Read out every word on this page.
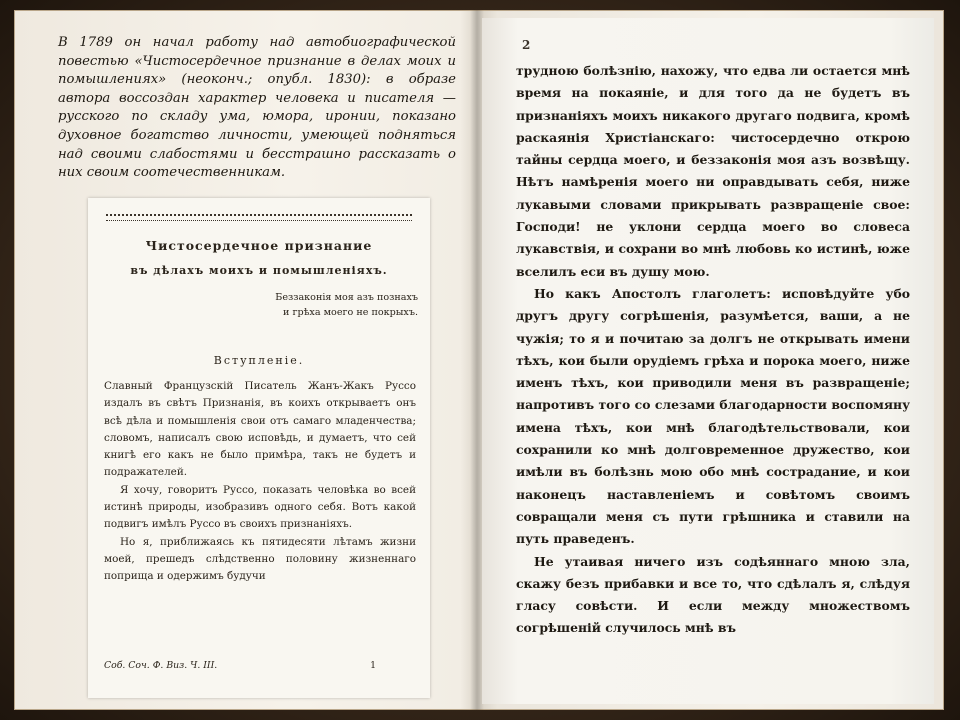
В 1789 он начал работу над автобиографической повестью «Чистосердечное признание в делах моих и помышлениях» (неоконч.; опубл. 1830): в образе автора воссоздан характер человека и писателя — русского по складу ума, юмора, иронии, показано духовное богатство личности, умеющей подняться над своими слабостями и бесстрашно рассказать о них своим соотечественникам.
Чистосердечное признание
въ дѣлахъ моихъ и помышленіяхъ.
Беззаконія моя азъ познахъ
и грѣха моего не покрыхъ.
Вступленіе.

Славный Французскій Писатель Жанъ-Жакъ Руссо издалъ въ свѣтъ Признанія, въ коихъ открываетъ онъ всѣ дѣла и помышленія свои отъ самаго младенчества; словомъ, написалъ свою исповѣдь, и думаетъ, что сей книгѣ его какъ не было примѣра, такъ не будетъ и подражателей.

Я хочу, говоритъ Руссо, показать человѣка во всей истинѣ природы, изобразивъ одного себя. Вотъ какой подвигъ имѣлъ Руссо въ своихъ признаніяхъ.

Но я, приближаясь къ пятидесяти лѣтамъ жизни моей, прешедъ слѣдственно половину жизненнаго поприща и одержимъ будучи

Соб. Соч. Ф. Виз. Ч. III.	1
2

трудною болѣзнію, нахожу, что едва ли остается мнѣ время на покаяніе, и для того да не будетъ въ признаніяхъ моихъ никакого другаго подвига, кромѣ раскаянія Христіанскаго: чистосердечно открою тайны сердца моего, и беззаконія моя азъ возвѣщу. Нѣтъ намѣренія моего ни оправдывать себя, ниже лукавыми словами прикрывать развращеніе свое: Господи! не уклони сердца моего во словеса лукавствія, и сохрани во мнѣ любовь ко истинѣ, юже вселилъ еси въ душу мою.

Но какъ Апостолъ глаголетъ: исповѣдуйте убо другъ другу согрѣшенія, разумѣется, ваши, а не чужія; то я и почитаю за долгъ не открывать имени тѣхъ, кои были орудіемъ грѣха и порока моего, ниже именъ тѣхъ, кои приводили меня въ развращеніе; напротивъ того со слезами благодарности воспомяну имена тѣхъ, кои мнѣ благодѣтельствовали, кои сохранили ко мнѣ долговременное дружество, кои имѣли въ болѣзнь мою обо мнѣ сострадание, и кои наконецъ наставленіемъ и совѣтомъ своимъ совращали меня съ пути грѣшника и ставили на путь праведенъ.

Не утаивая ничего изъ содѣяннаго мною зла, скажу безъ прибавки и все то, что сдѣлалъ я, слѣдуя гласу совѣсти. И если между множествомъ согрѣшеній случилось мнѣ въ
